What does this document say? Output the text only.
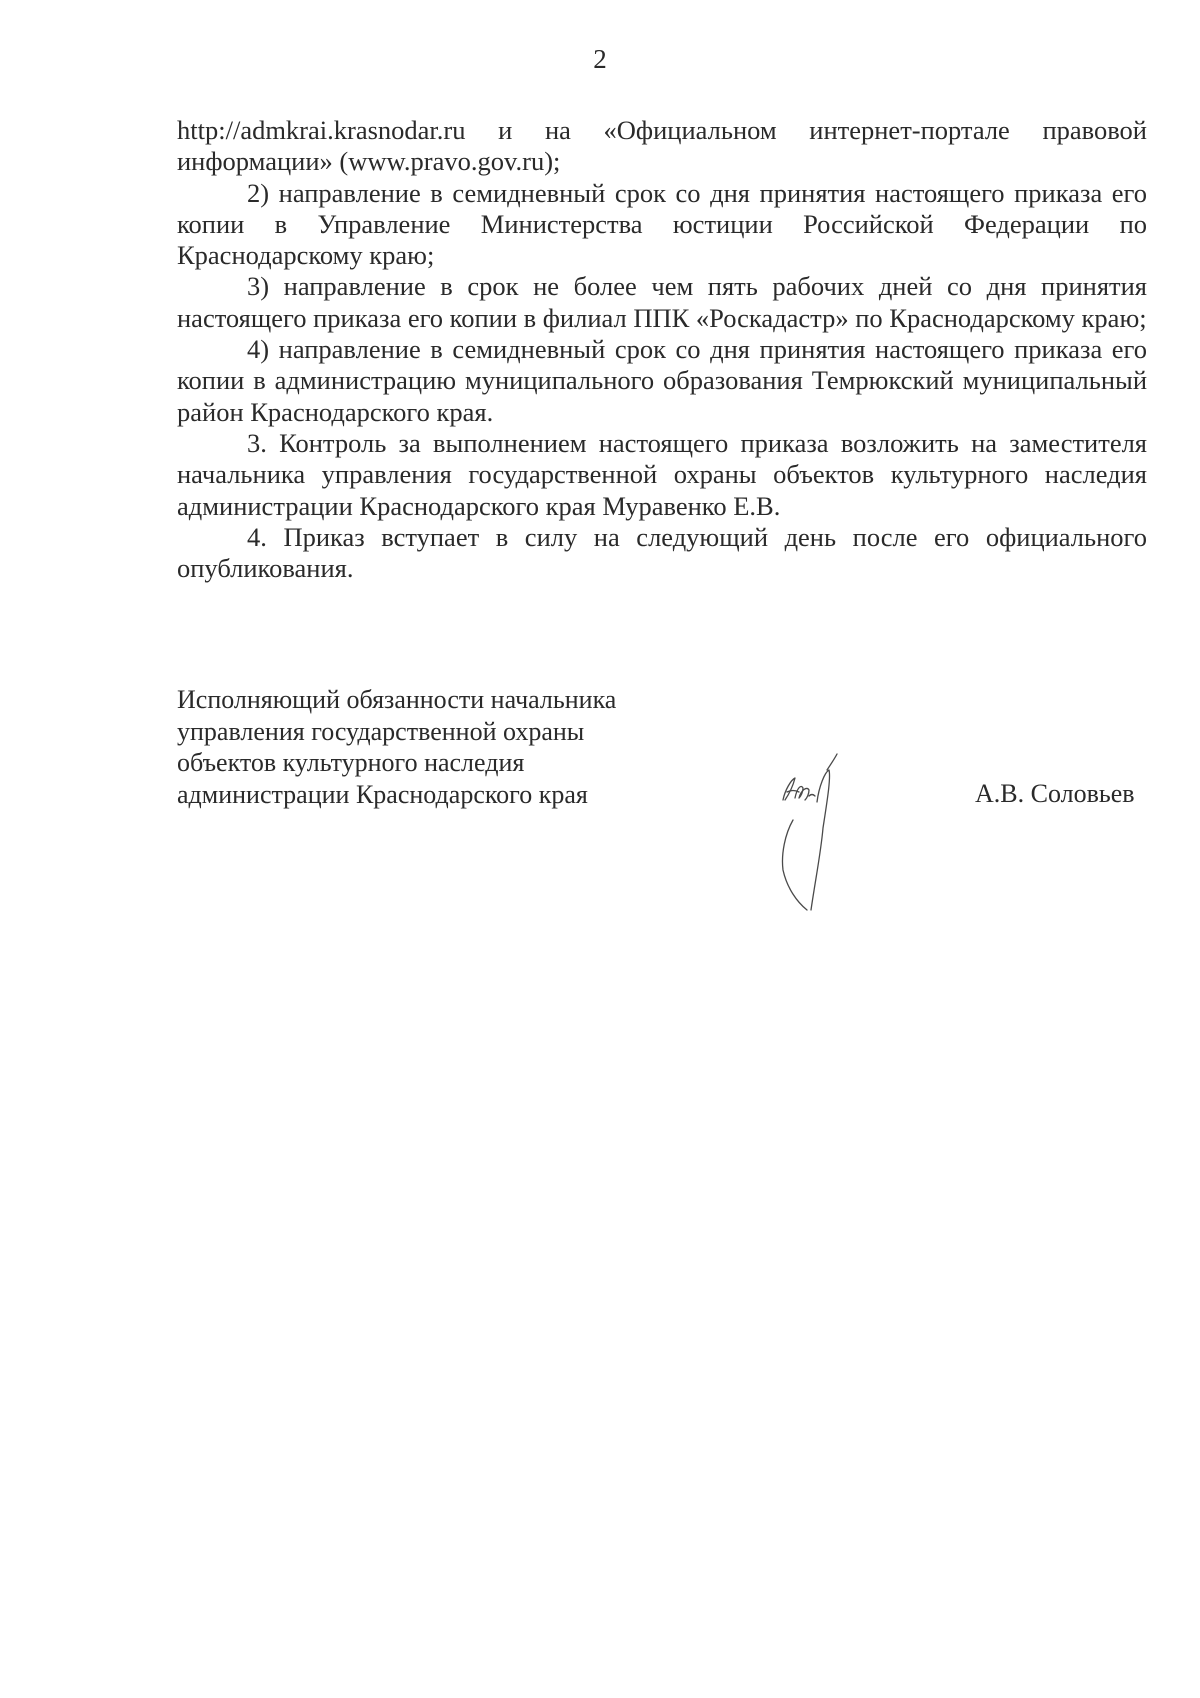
2

http://admkrai.krasnodar.ru и на «Официальном интернет-портале правовой информации» (www.pravo.gov.ru);

2) направление в семидневный срок со дня принятия настоящего приказа его копии в Управление Министерства юстиции Российской Федерации по Краснодарскому краю;

3) направление в срок не более чем пять рабочих дней со дня принятия настоящего приказа его копии в филиал ППК «Роскадастр» по Краснодарскому краю;

4) направление в семидневный срок со дня принятия настоящего приказа его копии в администрацию муниципального образования Темрюкский муниципальный район Краснодарского края.

3. Контроль за выполнением настоящего приказа возложить на заместителя начальника управления государственной охраны объектов культурного наследия администрации Краснодарского края Муравенко Е.В.

4. Приказ вступает в силу на следующий день после его официального опубликования.

Исполняющий обязанности начальника
управления государственной охраны
объектов культурного наследия
администрации Краснодарского края	А.В. Соловьев
